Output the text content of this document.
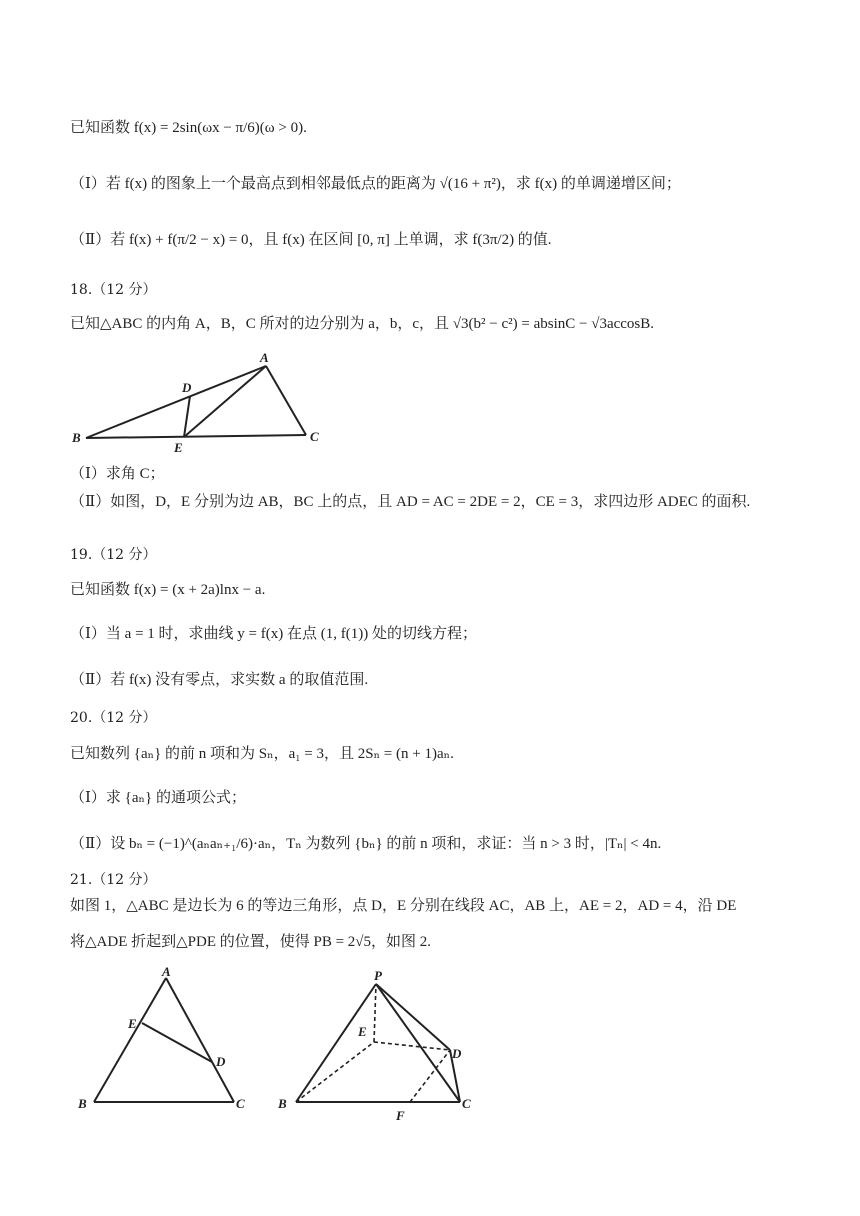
已知函数 f(x) = 2sin(ωx − π/6)(ω > 0).
（Ⅰ）若 f(x) 的图象上一个最高点到相邻最低点的距离为 √(16 + π²)，求 f(x) 的单调递增区间；
（Ⅱ）若 f(x) + f(π/2 − x) = 0，且 f(x) 在区间 [0, π] 上单调，求 f(3π/2) 的值.
18.（12 分）
已知△ABC 的内角 A，B，C 所对的边分别为 a，b，c，且 √3(b² − c²) = absinC − √3accosB.
A
B	C
D
E
（Ⅰ）求角 C；
（Ⅱ）如图，D，E 分别为边 AB，BC 上的点，且 AD = AC = 2DE = 2，CE = 3，求四边形 ADEC 的面积.
19.（12 分）
已知函数 f(x) = (x + 2a)lnx − a.
（Ⅰ）当 a = 1 时，求曲线 y = f(x) 在点 (1, f(1)) 处的切线方程；
（Ⅱ）若 f(x) 没有零点，求实数 a 的取值范围.
20.（12 分）
已知数列 {aₙ} 的前 n 项和为 Sₙ，a₁ = 3，且 2Sₙ = (n + 1)aₙ.
（Ⅰ）求 {aₙ} 的通项公式；
（Ⅱ）设 bₙ = (−1)^(aₙaₙ₊₁/6)·aₙ，Tₙ 为数列 {bₙ} 的前 n 项和，求证：当 n > 3 时，|Tₙ| < 4n.
21.（12 分）
如图 1，△ABC 是边长为 6 的等边三角形，点 D，E 分别在线段 AC，AB 上，AE = 2，AD = 4，沿 DE
将△ADE 折起到△PDE 的位置，使得 PB = 2√5，如图 2.
A
B	C
D
E
P
B	C
D
E
F
